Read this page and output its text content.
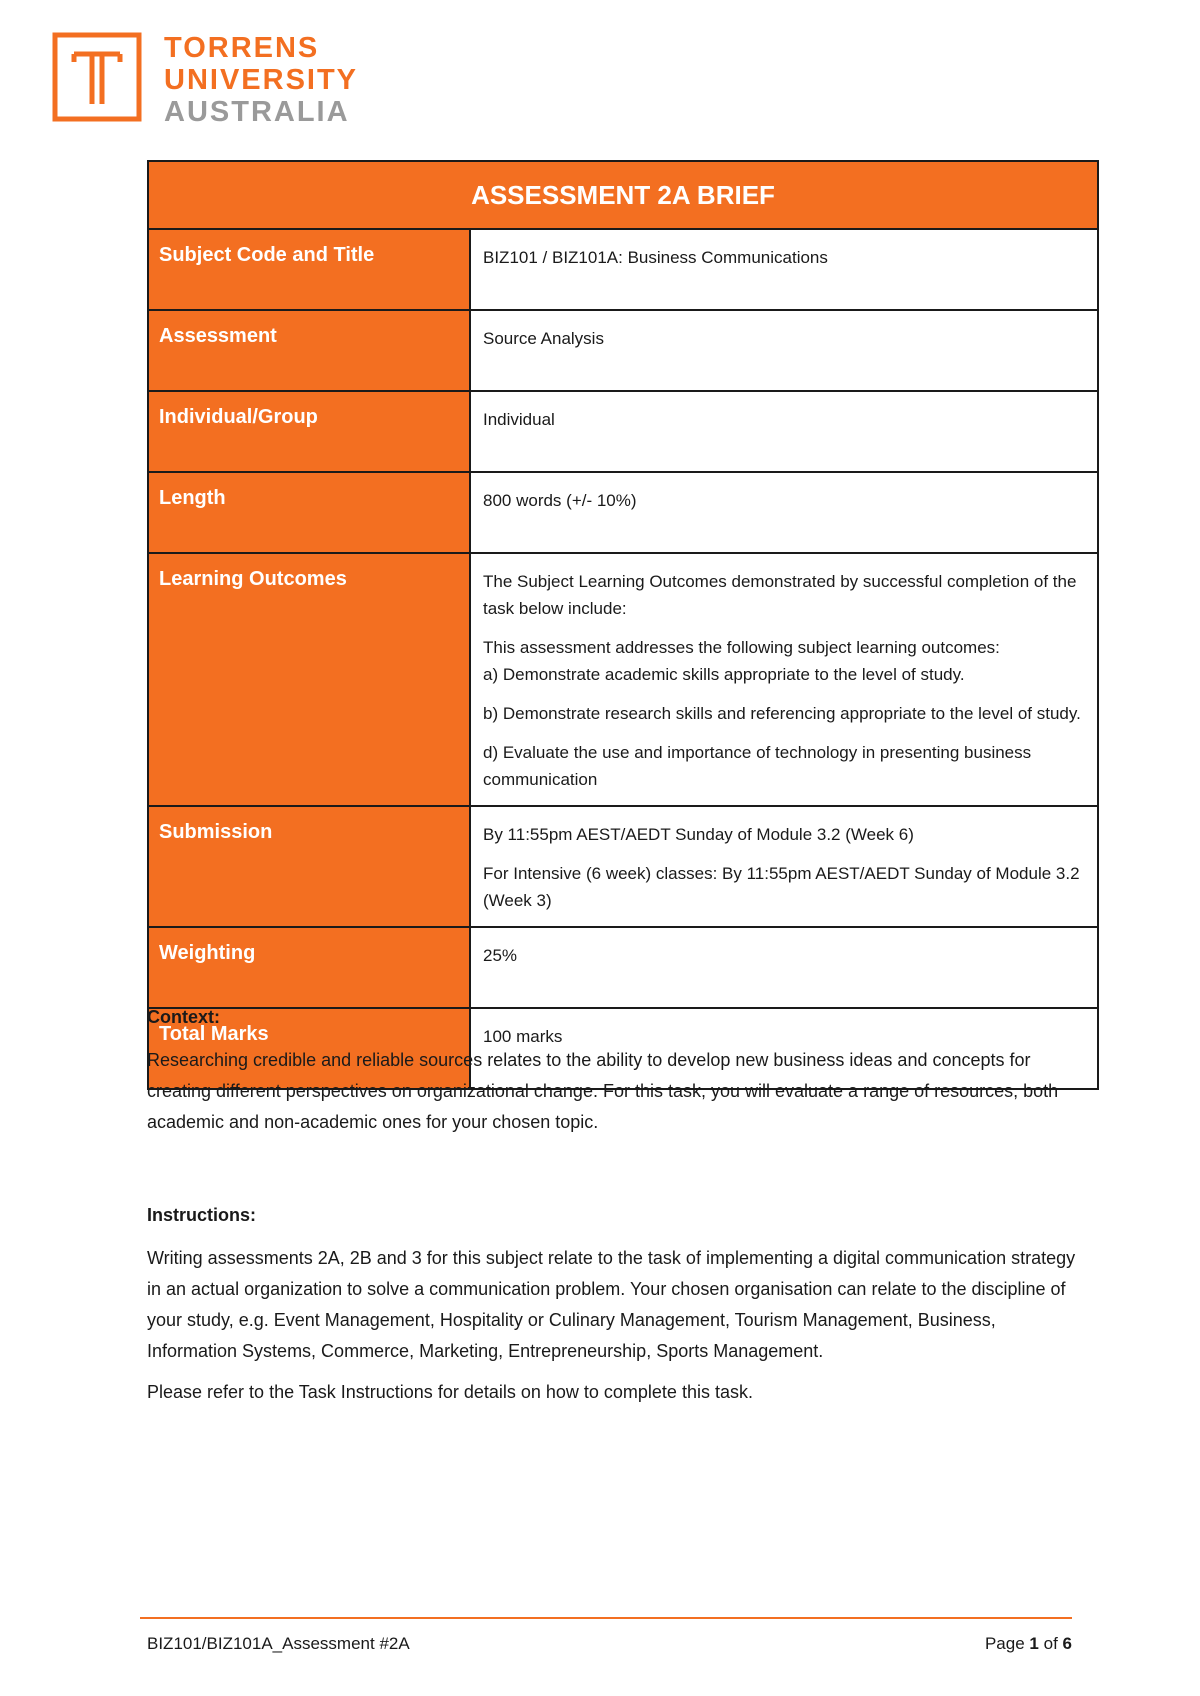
TORRENS
UNIVERSITY
AUSTRALIA
ASSESSMENT 2A BRIEF	
Subject Code and Title	BIZ101 / BIZ101A: Business Communications
Assessment	Source Analysis
Individual/Group	Individual
Length	800 words (+/- 10%)
Learning Outcomes	The Subject Learning Outcomes demonstrated by successful completion of the task below include:

This assessment addresses the following subject learning outcomes:
a) Demonstrate academic skills appropriate to the level of study.

b) Demonstrate research skills and referencing appropriate to the level of study.

d) Evaluate the use and importance of technology in presenting business communication

Submission	By 11:55pm AEST/AEDT Sunday of Module 3.2 (Week 6)

For Intensive (6 week) classes: By 11:55pm AEST/AEDT Sunday of Module 3.2 (Week 3)

Weighting	25%
Total Marks	100 marks
Context:

Researching credible and reliable sources relates to the ability to develop new business ideas and concepts for creating different perspectives on organizational change. For this task, you will evaluate a range of resources, both academic and non-academic ones for your chosen topic.

Instructions:

Writing assessments 2A, 2B and 3 for this subject relate to the task of implementing a digital communication strategy in an actual organization to solve a communication problem. Your chosen organisation can relate to the discipline of your study, e.g. Event Management, Hospitality or Culinary Management, Tourism Management, Business, Information Systems, Commerce, Marketing, Entrepreneurship, Sports Management.

Please refer to the Task Instructions for details on how to complete this task.

BIZ101/BIZ101A_Assessment #2A	Page 1 of 6
